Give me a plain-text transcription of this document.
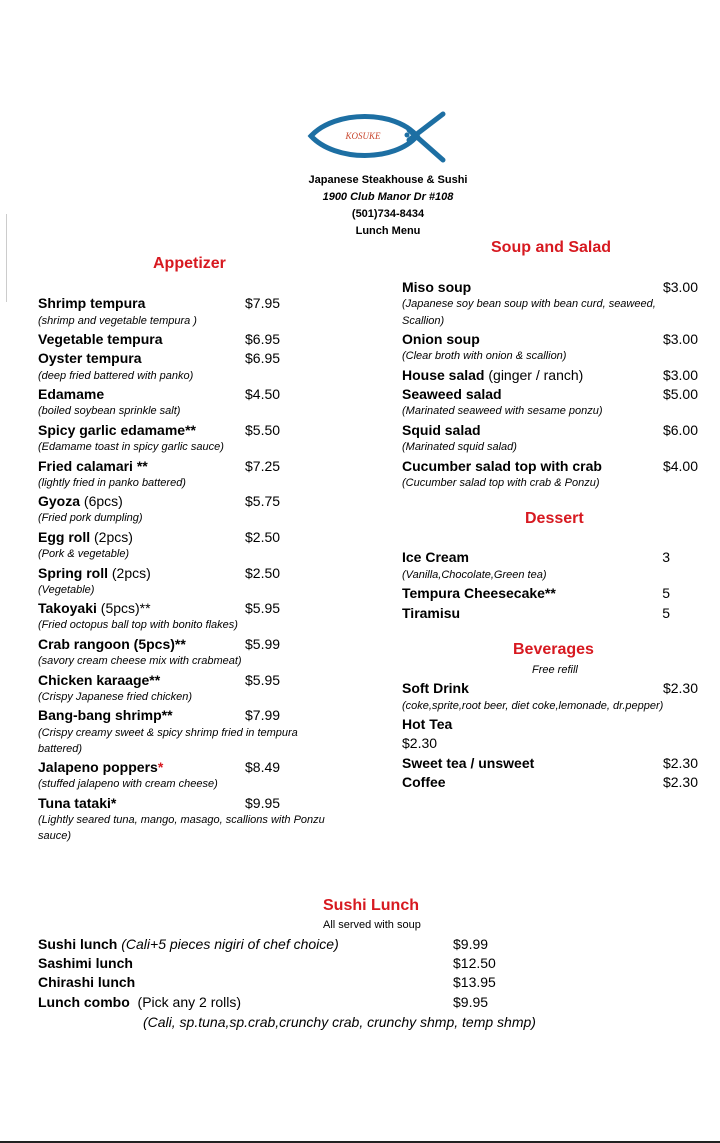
KOSUKE
Japanese Steakhouse & Sushi
1900 Club Manor Dr #108
(501)734-8434
Lunch Menu
Appetizer
Shrimp tempura	$7.95
(shrimp and vegetable tempura )
Vegetable tempura	$6.95
Oyster tempura	$6.95
(deep fried battered with panko)
Edamame	$4.50
(boiled soybean sprinkle salt)
Spicy garlic edamame**	$5.50
(Edamame toast in spicy garlic sauce)
Fried calamari **	$7.25
(lightly fried in panko battered)
Gyoza (6pcs)	$5.75
(Fried pork dumpling)
Egg roll (2pcs)	$2.50
(Pork & vegetable)
Spring roll (2pcs)	$2.50
(Vegetable)
Takoyaki (5pcs)**	$5.95
(Fried octopus ball top with bonito flakes)
Crab rangoon (5pcs)**	$5.99
(savory cream cheese mix with crabmeat)
Chicken karaage**	$5.95
(Crispy Japanese fried chicken)
Bang-bang shrimp**	$7.99
(Crispy creamy sweet & spicy shrimp fried in tempura
battered)
Jalapeno poppers*	$8.49
(stuffed jalapeno with cream cheese)
Tuna tataki*	$9.95
(Lightly seared tuna, mango, masago, scallions with Ponzu
sauce)
Soup and Salad
Miso soup	$3.00
(Japanese soy bean soup with bean curd, seaweed,
Scallion)
Onion soup	$3.00
(Clear broth with onion & scallion)
House salad (ginger / ranch)	$3.00
Seaweed salad	$5.00
(Marinated seaweed with sesame ponzu)
Squid salad	$6.00
(Marinated squid salad)
Cucumber salad top with crab	$4.00
(Cucumber salad top with crab & Ponzu)
Dessert
Ice Cream	3
(Vanilla,Chocolate,Green tea)
Tempura Cheesecake**	5
Tiramisu	5
Beverages
Free refill
Soft Drink	$2.30
(coke,sprite,root beer, diet coke,lemonade, dr.pepper)
Hot Tea
$2.30
Sweet tea / unsweet	$2.30
Coffee	$2.30
Sushi Lunch
All served with soup
Sushi lunch (Cali+5 pieces nigiri of chef choice)	$9.99
Sashimi lunch	$12.50
Chirashi lunch	$13.95
Lunch combo  (Pick any 2 rolls)	$9.95
(Cali, sp.tuna,sp.crab,crunchy crab, crunchy shmp, temp shmp)
